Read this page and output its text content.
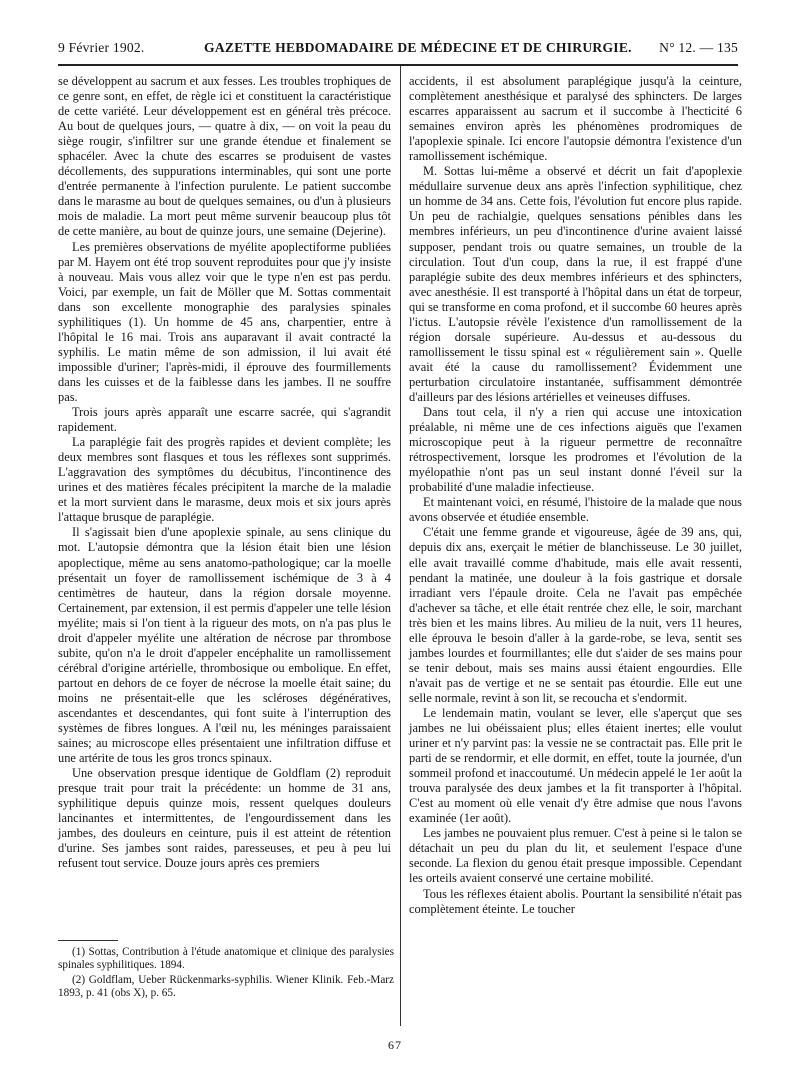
9 Février 1902.	GAZETTE HEBDOMADAIRE DE MÉDECINE ET DE CHIRURGIE. N° 12. — 135

se développent au sacrum et aux fesses. Les troubles trophiques de ce genre sont, en effet, de règle ici et constituent la caractéristique de cette variété. Leur développement est en général très précoce. Au bout de quelques jours, — quatre à dix, — on voit la peau du siège rougir, s'infiltrer sur une grande étendue et finalement se sphacéler. Avec la chute des escarres se produisent de vastes décollements, des suppurations interminables, qui sont une porte d'entrée permanente à l'infection purulente. Le patient succombe dans le marasme au bout de quelques semaines, ou d'un à plusieurs mois de maladie. La mort peut même survenir beaucoup plus tôt de cette manière, au bout de quinze jours, une semaine (Dejerine).

Les premières observations de myélite apoplectiforme publiées par M. Hayem ont été trop souvent reproduites pour que j'y insiste à nouveau. Mais vous allez voir que le type n'en est pas perdu. Voici, par exemple, un fait de Möller que M. Sottas commentait dans son excellente monographie des paralysies spinales syphilitiques (1). Un homme de 45 ans, charpentier, entre à l'hôpital le 16 mai. Trois ans auparavant il avait contracté la syphilis. Le matin même de son admission, il lui avait été impossible d'uriner; l'après-midi, il éprouve des fourmillements dans les cuisses et de la faiblesse dans les jambes. Il ne souffre pas.

Trois jours après apparaît une escarre sacrée, qui s'agrandit rapidement.

La paraplégie fait des progrès rapides et devient complète; les deux membres sont flasques et tous les réflexes sont supprimés. L'aggravation des symptômes du décubitus, l'incontinence des urines et des matières fécales précipitent la marche de la maladie et la mort survient dans le marasme, deux mois et six jours après l'attaque brusque de paraplégie.

Il s'agissait bien d'une apoplexie spinale, au sens clinique du mot. L'autopsie démontra que la lésion était bien une lésion apoplectique, même au sens anatomo-pathologique; car la moelle présentait un foyer de ramollissement ischémique de 3 à 4 centimètres de hauteur, dans la région dorsale moyenne. Certainement, par extension, il est permis d'appeler une telle lésion myélite; mais si l'on tient à la rigueur des mots, on n'a pas plus le droit d'appeler myélite une altération de nécrose par thrombose subite, qu'on n'a le droit d'appeler encéphalite un ramollissement cérébral d'origine artérielle, thrombosique ou embolique. En effet, partout en dehors de ce foyer de nécrose la moelle était saine; du moins ne présentait-elle que les scléroses dégénératives, ascendantes et descendantes, qui font suite à l'interruption des systèmes de fibres longues. A l'œil nu, les méninges paraissaient saines; au microscope elles présentaient une infiltration diffuse et une artérite de tous les gros troncs spinaux.

Une observation presque identique de Goldflam (2) reproduit presque trait pour trait la précédente: un homme de 31 ans, syphilitique depuis quinze mois, ressent quelques douleurs lancinantes et intermittentes, de l'engourdissement dans les jambes, des douleurs en ceinture, puis il est atteint de rétention d'urine. Ses jambes sont raides, paresseuses, et peu à peu lui refusent tout service. Douze jours après ces premiers

accidents, il est absolument paraplégique jusqu'à la ceinture, complètement anesthésique et paralysé des sphincters. De larges escarres apparaissent au sacrum et il succombe à l'hecticité 6 semaines environ après les phénomènes prodromiques de l'apoplexie spinale. Ici encore l'autopsie démontra l'existence d'un ramollissement ischémique.

M. Sottas lui-même a observé et décrit un fait d'apoplexie médullaire survenue deux ans après l'infection syphilitique, chez un homme de 34 ans. Cette fois, l'évolution fut encore plus rapide. Un peu de rachialgie, quelques sensations pénibles dans les membres inférieurs, un peu d'incontinence d'urine avaient laissé supposer, pendant trois ou quatre semaines, un trouble de la circulation. Tout d'un coup, dans la rue, il est frappé d'une paraplégie subite des deux membres inférieurs et des sphincters, avec anesthésie. Il est transporté à l'hôpital dans un état de torpeur, qui se transforme en coma profond, et il succombe 60 heures après l'ictus. L'autopsie révèle l'existence d'un ramollissement de la région dorsale supérieure. Au-dessus et au-dessous du ramollissement le tissu spinal est « régulièrement sain ». Quelle avait été la cause du ramollissement? Évidemment une perturbation circulatoire instantanée, suffisamment démontrée d'ailleurs par des lésions artérielles et veineuses diffuses.

Dans tout cela, il n'y a rien qui accuse une intoxication préalable, ni même une de ces infections aiguës que l'examen microscopique peut à la rigueur permettre de reconnaître rétrospectivement, lorsque les prodromes et l'évolution de la myélopathie n'ont pas un seul instant donné l'éveil sur la probabilité d'une maladie infectieuse.

Et maintenant voici, en résumé, l'histoire de la malade que nous avons observée et étudiée ensemble.

C'était une femme grande et vigoureuse, âgée de 39 ans, qui, depuis dix ans, exerçait le métier de blanchisseuse. Le 30 juillet, elle avait travaillé comme d'habitude, mais elle avait ressenti, pendant la matinée, une douleur à la fois gastrique et dorsale irradiant vers l'épaule droite. Cela ne l'avait pas empêchée d'achever sa tâche, et elle était rentrée chez elle, le soir, marchant très bien et les mains libres. Au milieu de la nuit, vers 11 heures, elle éprouva le besoin d'aller à la garde-robe, se leva, sentit ses jambes lourdes et fourmillantes; elle dut s'aider de ses mains pour se tenir debout, mais ses mains aussi étaient engourdies. Elle n'avait pas de vertige et ne se sentait pas étourdie. Elle eut une selle normale, revint à son lit, se recoucha et s'endormit.

Le lendemain matin, voulant se lever, elle s'aperçut que ses jambes ne lui obéissaient plus; elles étaient inertes; elle voulut uriner et n'y parvint pas: la vessie ne se contractait pas. Elle prit le parti de se rendormir, et elle dormit, en effet, toute la journée, d'un sommeil profond et inaccoutumé. Un médecin appelé le 1er août la trouva paralysée des deux jambes et la fit transporter à l'hôpital. C'est au moment où elle venait d'y être admise que nous l'avons examinée (1er août).

Les jambes ne pouvaient plus remuer. C'est à peine si le talon se détachait un peu du plan du lit, et seulement l'espace d'une seconde. La flexion du genou était presque impossible. Cependant les orteils avaient conservé une certaine mobilité.

Tous les réflexes étaient abolis. Pourtant la sensibilité n'était pas complètement éteinte. Le toucher

(1) Sottas, Contribution à l'étude anatomique et clinique des paralysies spinales syphilitiques. 1894.

(2) Goldflam, Ueber Rückenmarks-syphilis. Wiener Klinik. Feb.-Marz 1893, p. 41 (obs X), p. 65.

67
